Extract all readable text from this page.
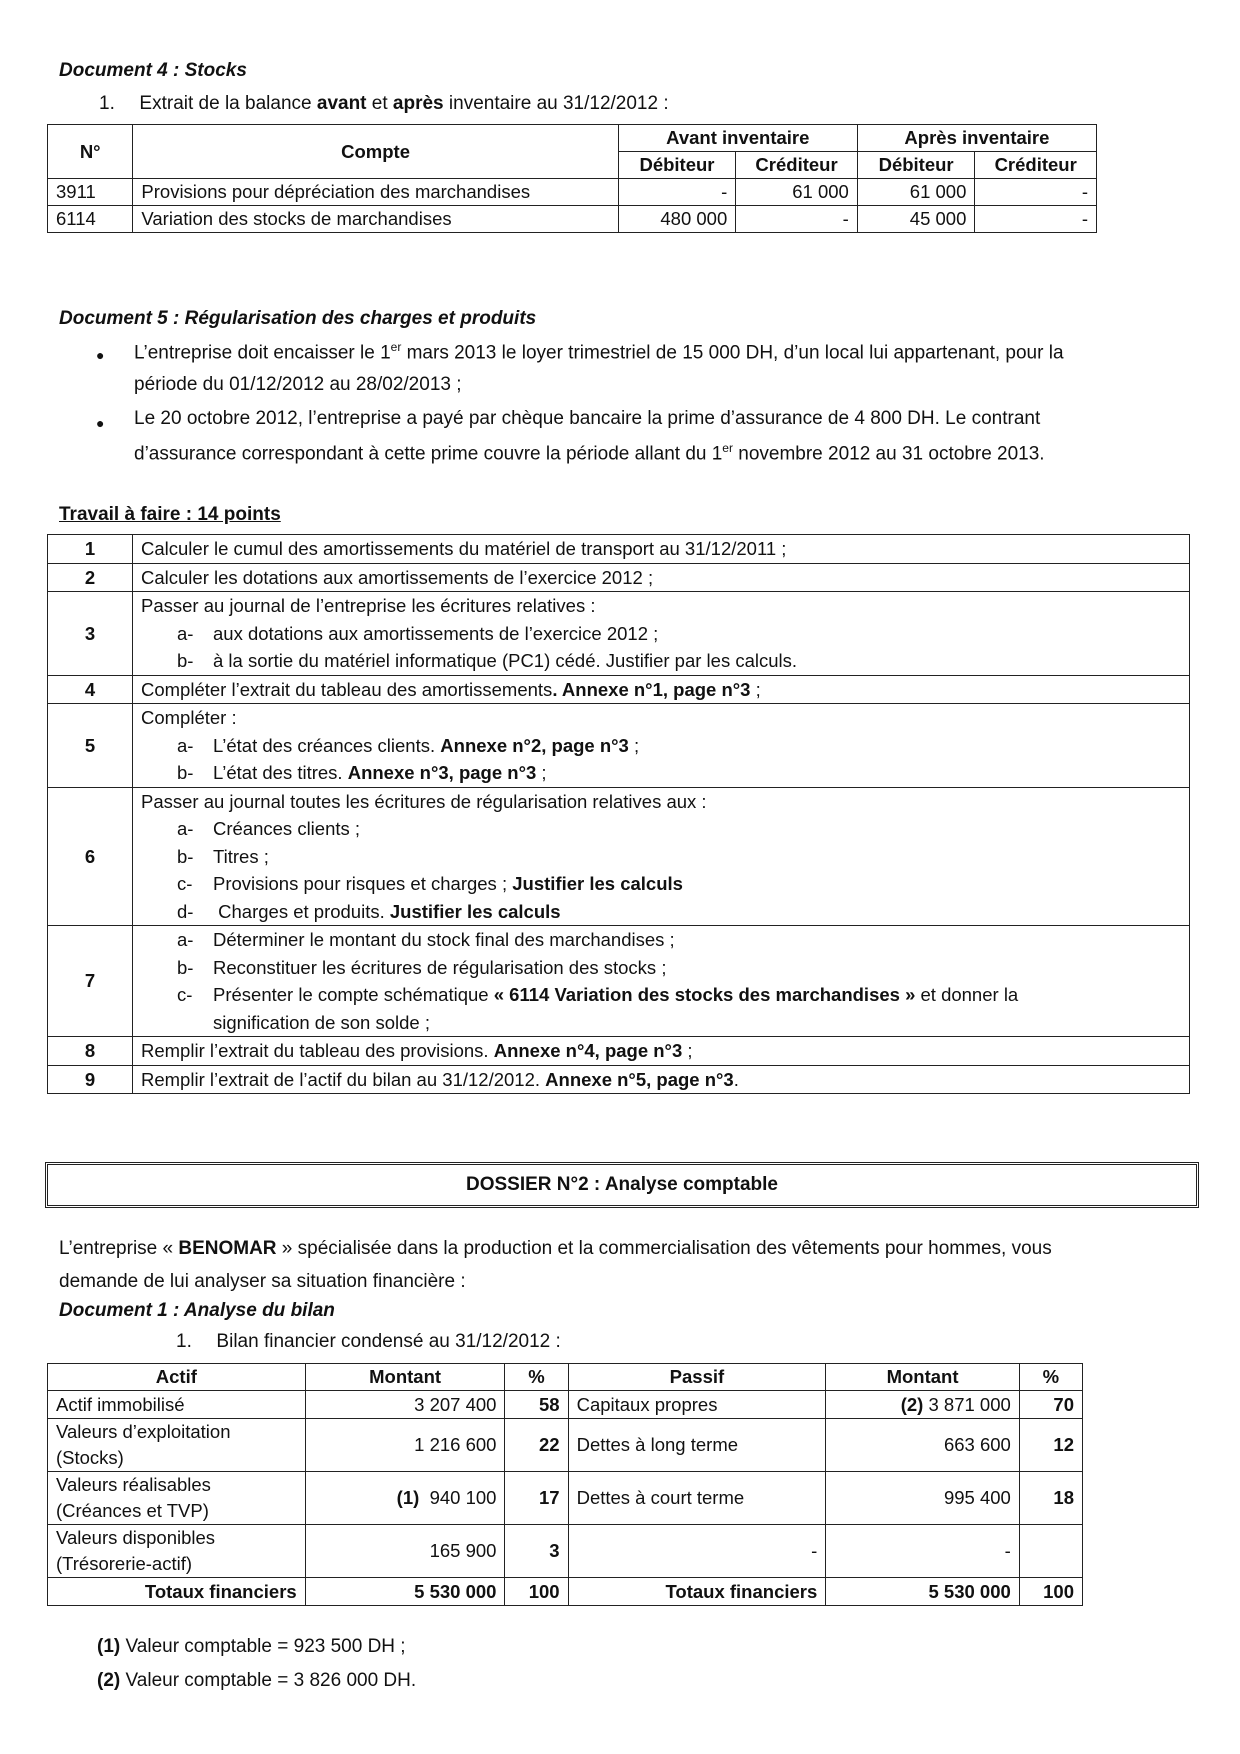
Document 4 : Stocks
1. Extrait de la balance avant et après inventaire au 31/12/2012 :
N°	Compte	Avant inventaire		Après inventaire	
		Débiteur	Créditeur	Débiteur	Créditeur
3911	Provisions pour dépréciation des marchandises	-	61 000	61 000	-
6114	Variation des stocks de marchandises	480 000	-	45 000	-
Document 5 : Régularisation des charges et produits
● L’entreprise doit encaisser le 1er mars 2013 le loyer trimestriel de 15 000 DH, d’un local lui appartenant, pour la
période du 01/12/2012 au 28/02/2013 ;
● Le 20 octobre 2012, l’entreprise a payé par chèque bancaire la prime d’assurance de 4 800 DH. Le contrant
d’assurance correspondant à cette prime couvre la période allant du 1er novembre 2012 au 31 octobre 2013.
Travail à faire : 14 points
1	Calculer le cumul des amortissements du matériel de transport au 31/12/2011 ;
2	Calculer les dotations aux amortissements de l’exercice 2012 ;
3	Passer au journal de l’entreprise les écritures relatives :
a- aux dotations aux amortissements de l’exercice 2012 ;
b- à la sortie du matériel informatique (PC1) cédé. Justifier par les calculs.

4	Compléter l’extrait du tableau des amortissements. Annexe n°1, page n°3 ;
5	Compléter :
a- L’état des créances clients. Annexe n°2, page n°3 ;
b- L’état des titres. Annexe n°3, page n°3 ;

6	Passer au journal toutes les écritures de régularisation relatives aux :
a- Créances clients ;
b- Titres ;
c- Provisions pour risques et charges ; Justifier les calculs
d- Charges et produits. Justifier les calculs

7	a- Déterminer le montant du stock final des marchandises ;
b- Reconstituer les écritures de régularisation des stocks ;
c- Présenter le compte schématique « 6114 Variation des stocks des marchandises » et donner la
signification de son solde ;

8	Remplir l’extrait du tableau des provisions. Annexe n°4, page n°3 ;
9	Remplir l’extrait de l’actif du bilan au 31/12/2012. Annexe n°5, page n°3.
DOSSIER N°2 : Analyse comptable
L’entreprise « BENOMAR » spécialisée dans la production et la commercialisation des vêtements pour hommes, vous
demande de lui analyser sa situation financière :
Document 1 : Analyse du bilan
1. Bilan financier condensé au 31/12/2012 :
Actif	Montant	%	Passif	Montant	%
Actif immobilisé	3 207 400	58	Capitaux propres	(2) 3 871 000	70
Valeurs d’exploitation
(Stocks)	1 216 600	22	Dettes à long terme	663 600	12
Valeurs réalisables
(Créances et TVP)	(1)  940 100	17	Dettes à court terme	995 400	18
Valeurs disponibles
(Trésorerie-actif)	165 900	3	-	-	
Totaux financiers	5 530 000	100	Totaux financiers	5 530 000	100
(1) Valeur comptable = 923 500 DH ;
(2) Valeur comptable = 3 826 000 DH.
